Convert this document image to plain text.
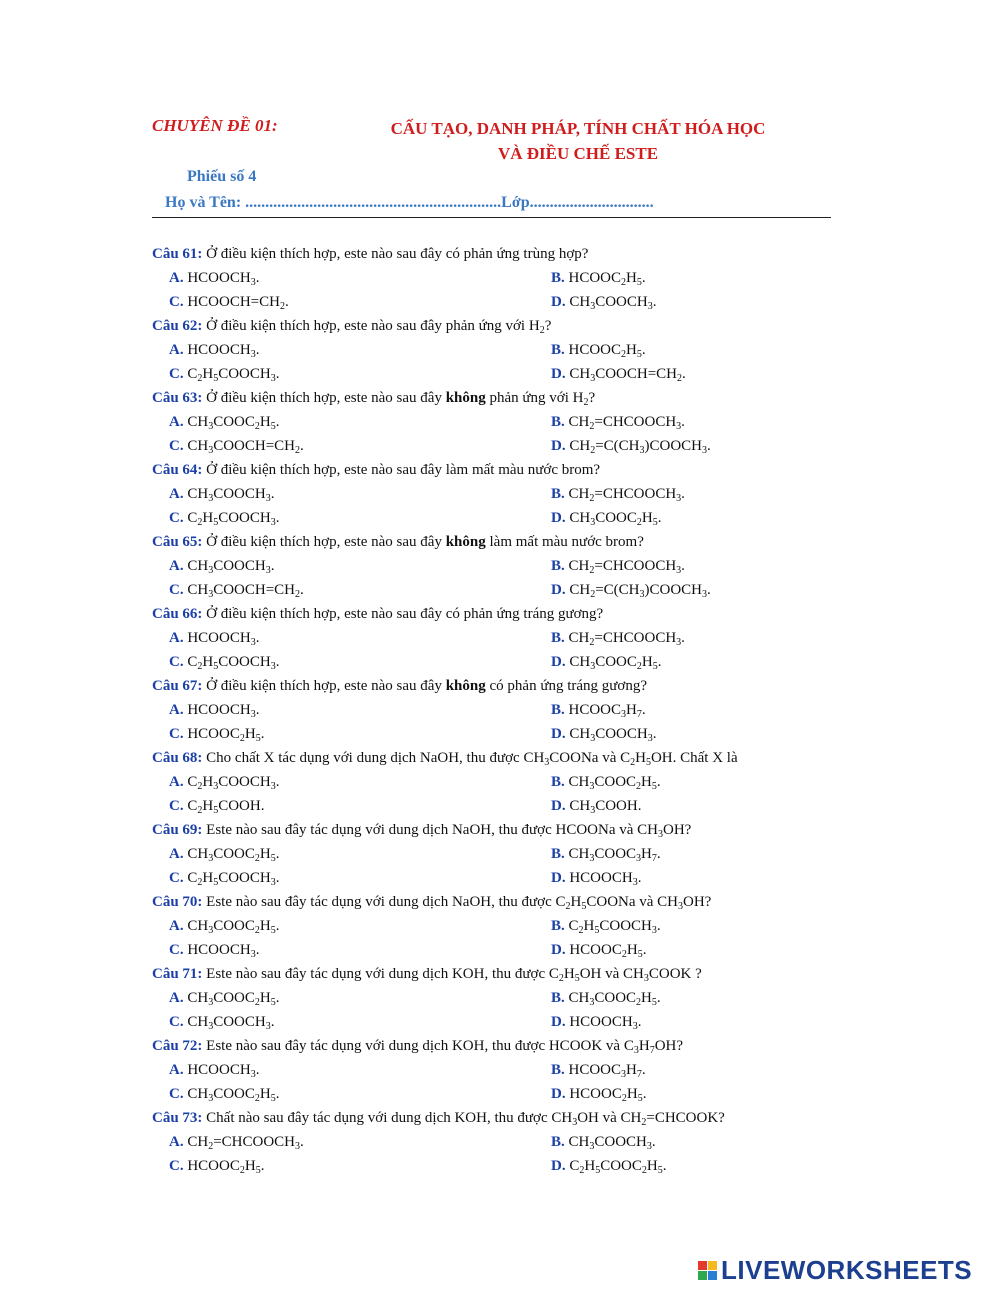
CHUYÊN ĐỀ 01:	CẤU TẠO, DANH PHÁP, TÍNH CHẤT HÓA HỌC
VÀ ĐIỀU CHẾ ESTE
Phiếu số 4
Họ và Tên: ................................................................Lớp...............................
Câu 61: Ở điều kiện thích hợp, este nào sau đây có phản ứng trùng hợp?
A. $HCOOCH_3$.	B. $HCOOC_2H_5$.
C. $HCOOCH=CH_2$.	D. $CH_3COOCH_3$.
Câu 62: Ở điều kiện thích hợp, este nào sau đây phản ứng với $H_2$?
A. $HCOOCH_3$.	B. $HCOOC_2H_5$.
C. $C_2H_5COOCH_3$.	D. $CH_3COOCH=CH_2$.
Câu 63: Ở điều kiện thích hợp, este nào sau đây không phản ứng với $H_2$?
A. $CH_3COOC_2H_5$.	B. $CH_2=CHCOOCH_3$.
C. $CH_3COOCH=CH_2$.	D. $CH_2=C(CH_3)COOCH_3$.
Câu 64: Ở điều kiện thích hợp, este nào sau đây làm mất màu nước brom?
A. $CH_3COOCH_3$.	B. $CH_2=CHCOOCH_3$.
C. $C_2H_5COOCH_3$.	D. $CH_3COOC_2H_5$.
Câu 65: Ở điều kiện thích hợp, este nào sau đây không làm mất màu nước brom?
A. $CH_3COOCH_3$.	B. $CH_2=CHCOOCH_3$.
C. $CH_3COOCH=CH_2$.	D. $CH_2=C(CH_3)COOCH_3$.
Câu 66: Ở điều kiện thích hợp, este nào sau đây có phản ứng tráng gương?
A. $HCOOCH_3$.	B. $CH_2=CHCOOCH_3$.
C. $C_2H_5COOCH_3$.	D. $CH_3COOC_2H_5$.
Câu 67: Ở điều kiện thích hợp, este nào sau đây không có phản ứng tráng gương?
A. $HCOOCH_3$.	B. $HCOOC_3H_7$.
C. $HCOOC_2H_5$.	D. $CH_3COOCH_3$.
Câu 68: Cho chất X tác dụng với dung dịch NaOH, thu được $CH_3COONa$ và $C_2H_5OH$. Chất X là
A. $C_2H_3COOCH_3$.	B. $CH_3COOC_2H_5$.
C. $C_2H_5COOH$.	D. $CH_3COOH$.
Câu 69: Este nào sau đây tác dụng với dung dịch NaOH, thu được HCOONa và $CH_3OH$?
A. $CH_3COOC_2H_5$.	B. $CH_3COOC_3H_7$.
C. $C_2H_5COOCH_3$.	D. $HCOOCH_3$.
Câu 70: Este nào sau đây tác dụng với dung dịch NaOH, thu được $C_2H_5COONa$ và $CH_3OH$?
A. $CH_3COOC_2H_5$.	B. $C_2H_5COOCH_3$.
C. $HCOOCH_3$.	D. $HCOOC_2H_5$.
Câu 71: Este nào sau đây tác dụng với dung dịch KOH, thu được $C_2H_5OH$ và $CH_3COOK$ ?
A. $CH_3COOC_2H_5$.	B. $CH_3COOC_2H_5$.
C. $CH_3COOCH_3$.	D. $HCOOCH_3$.
Câu 72: Este nào sau đây tác dụng với dung dịch KOH, thu được HCOOK và $C_3H_7OH$?
A. $HCOOCH_3$.	B. $HCOOC_3H_7$.
C. $CH_3COOC_2H_5$.	D. $HCOOC_2H_5$.
Câu 73: Chất nào sau đây tác dụng với dung dịch KOH, thu được $CH_3OH$ và $CH_2=CHCOOK$?
A. $CH_2=CHCOOCH_3$.	B. $CH_3COOCH_3$.
C. $HCOOC_2H_5$.	D. $C_2H_5COOC_2H_5$.
LIVEWORKSHEETS
